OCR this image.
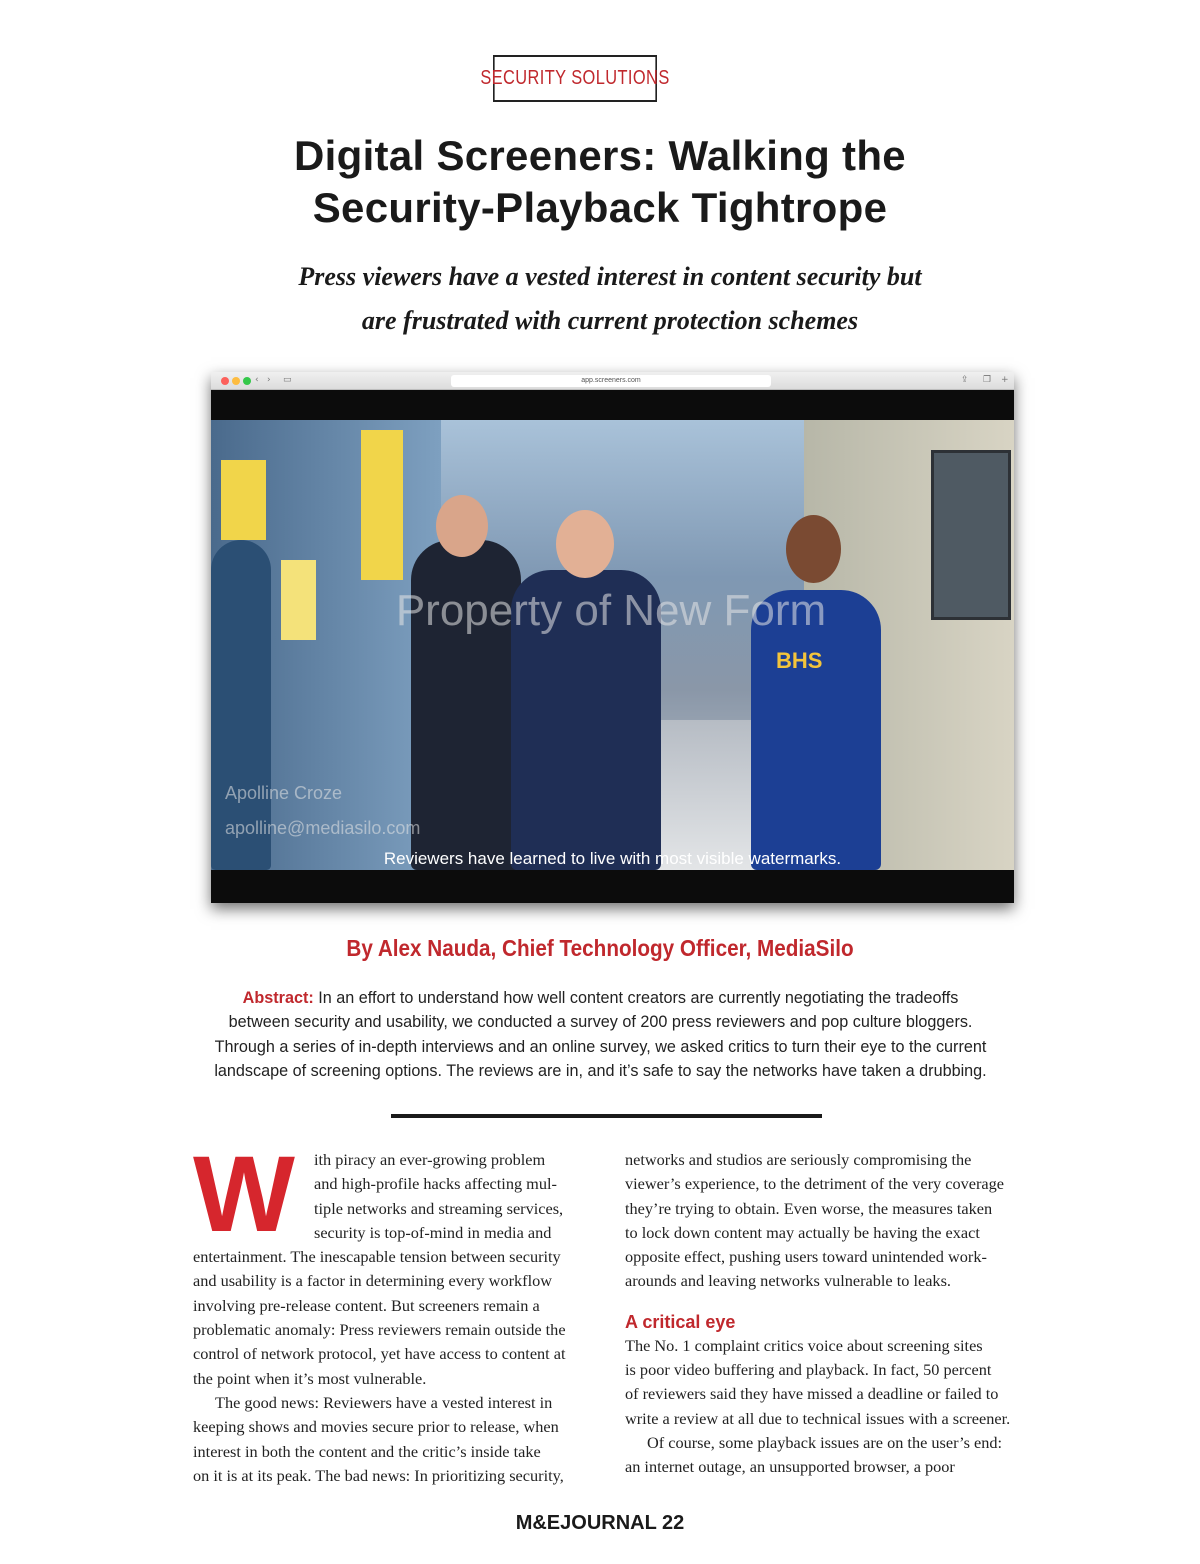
SECURITY SOLUTIONS
Digital Screeners: Walking the
Security-Playback Tightrope
Press viewers have a vested interest in content security but
are frustrated with current protection schemes
‹ › ▭	app.screeners.com	⇪ ❐ +
BHS
Property of New Form
Apolline Croze
apolline@mediasilo.com
Reviewers have learned to live with most visible watermarks.
By Alex Nauda, Chief Technology Officer, MediaSilo
Abstract: In an effort to understand how well content creators are currently negotiating the tradeoffs
between security and usability, we conducted a survey of 200 press reviewers and pop culture bloggers.
Through a series of in-depth interviews and an online survey, we asked critics to turn their eye to the current
landscape of screening options. The reviews are in, and it’s safe to say the networks have taken a drubbing.
W	ith piracy an ever-growing problem
and high-profile hacks affecting mul-
tiple networks and streaming services,
security is top-of-mind in media and
entertainment. The inescapable tension between security
and usability is a factor in determining every workflow
involving pre-release content. But screeners remain a
problematic anomaly: Press reviewers remain outside the
control of network protocol, yet have access to content at
the point when it’s most vulnerable.
The good news: Reviewers have a vested interest in
keeping shows and movies secure prior to release, when
interest in both the content and the critic’s inside take
on it is at its peak. The bad news: In prioritizing security,
networks and studios are seriously compromising the
viewer’s experience, to the detriment of the very coverage
they’re trying to obtain. Even worse, the measures taken
to lock down content may actually be having the exact
opposite effect, pushing users toward unintended work-
arounds and leaving networks vulnerable to leaks.
A critical eye
The No. 1 complaint critics voice about screening sites
is poor video buffering and playback. In fact, 50 percent
of reviewers said they have missed a deadline or failed to
write a review at all due to technical issues with a screener.
Of course, some playback issues are on the user’s end:
an internet outage, an unsupported browser, a poor
M&EJOURNAL 22
